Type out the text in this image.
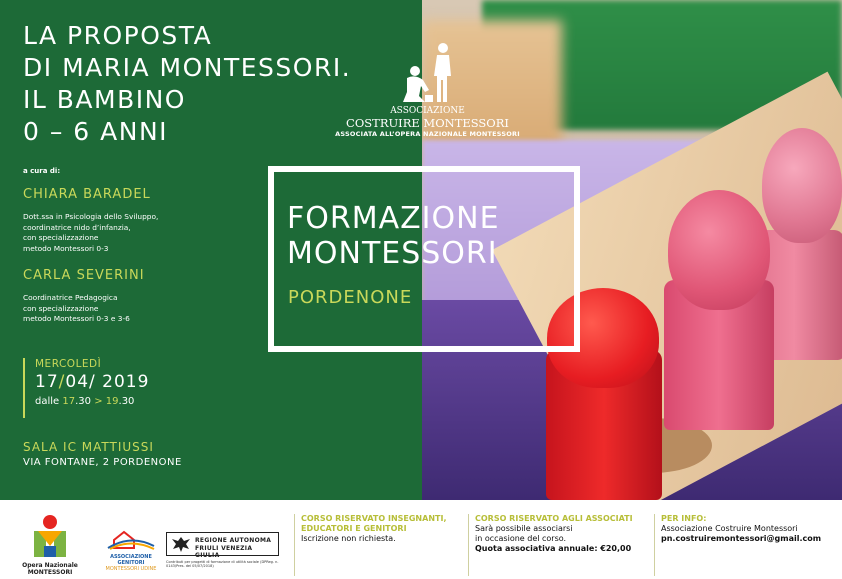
LA PROPOSTA
DI MARIA MONTESSORI.
IL BAMBINO
0 – 6 ANNI
a cura di:
CHIARA BARADEL
Dott.ssa in Psicologia dello Sviluppo,
coordinatrice nido d’infanzia,
con specializzazione
metodo Montessori 0-3
CARLA SEVERINI
Coordinatrice Pedagogica
con specializzazione
metodo Montessori 0-3 e 3-6
MERCOLEDÌ
17/04/ 2019
dalle 17.30 > 19.30
SALA IC MATTIUSSI
VIA FONTANE, 2 PORDENONE
ASSOCIAZIONE
COSTRUIRE MONTESSORI
ASSOCIATA ALL’OPERA NAZIONALE MONTESSORI
FORMAZIONE
MONTESSORI
PORDENONE
Opera Nazionale
MONTESSORI
ASSOCIAZIONE GENITORI
MONTESSORI UDINE
REGIONE AUTONOMA
FRIULI VENEZIA GIULIA
Contributi per progetti di formazione di utilità sociale (DPReg. n. 0143/Pres. del 05/07/2018)
CORSO RISERVATO INSEGNANTI,
EDUCATORI E GENITORI
Iscrizione non richiesta.
CORSO RISERVATO AGLI ASSOCIATI
Sarà possibile associarsi
in occasione del corso.
Quota associativa annuale: €20,00
PER INFO:
Associazione Costruire Montessori
pn.costruiremontessori@gmail.com
